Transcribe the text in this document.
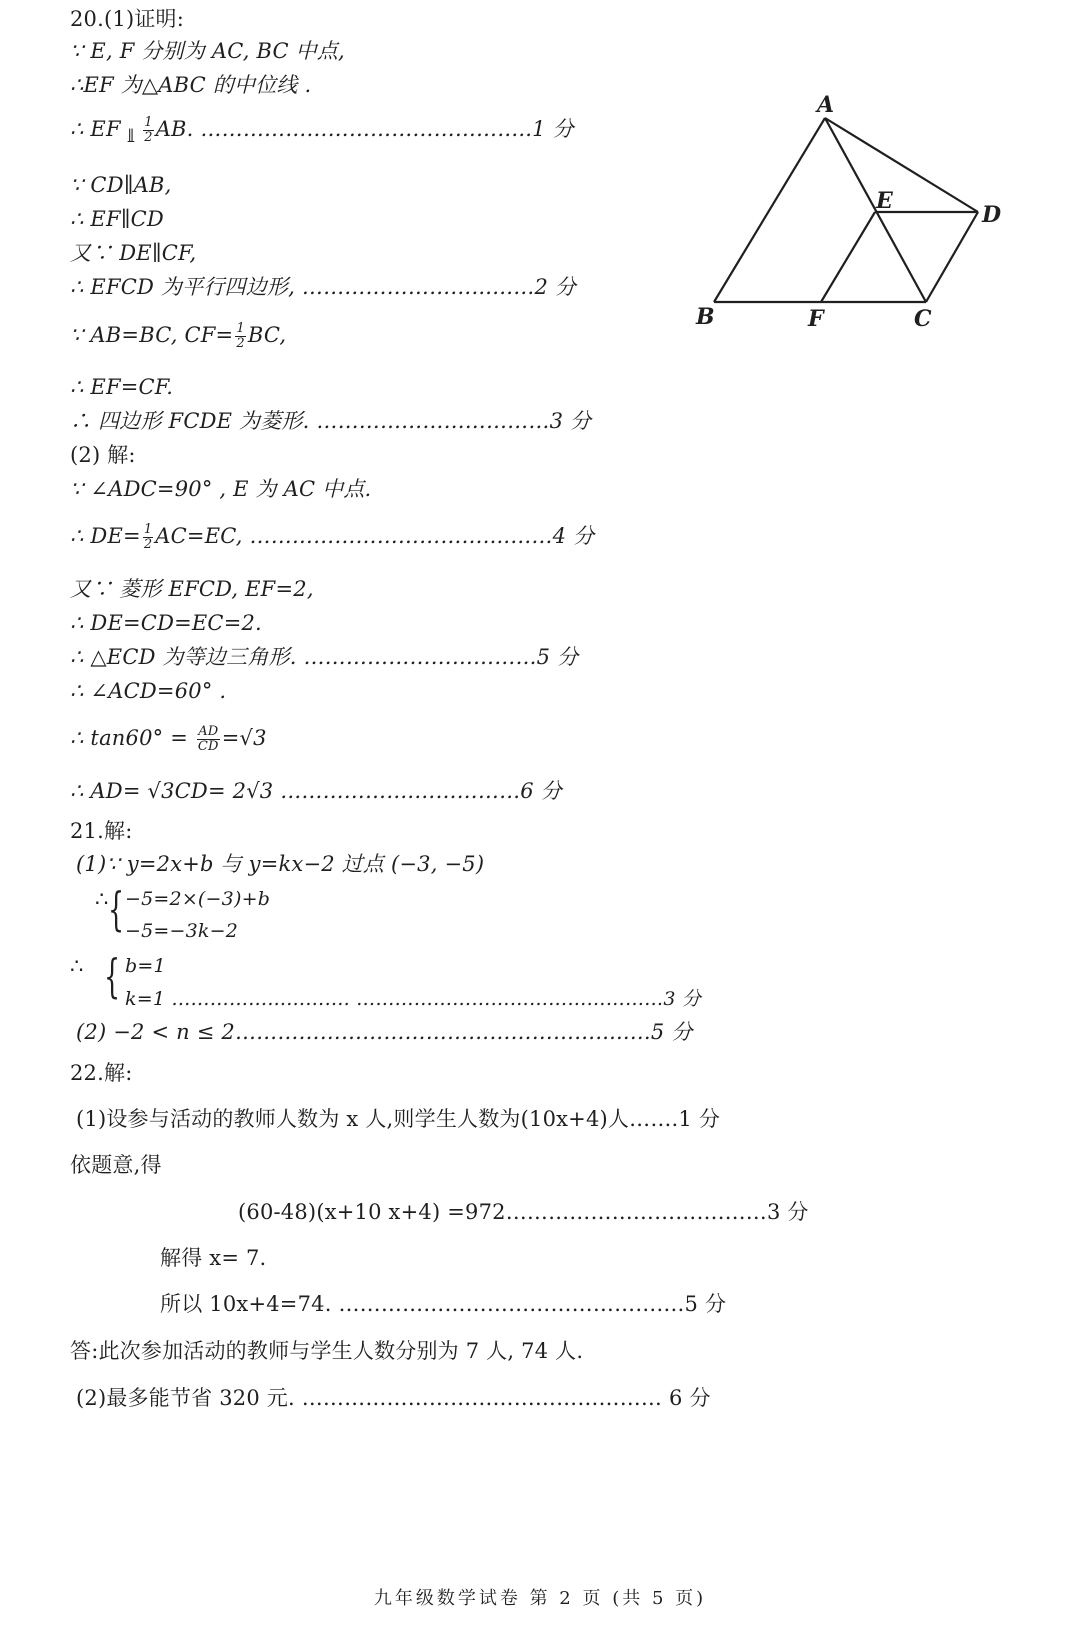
20.(1)证明:
∵ E, F 分别为 AC, BC 中点,
∴EF 为△ABC 的中位线 .
∴ EF ∥ $\frac{1}{2}$ AB. ………………………………………..1 分
∵ CD∥AB,
∴ EF∥CD
又∵ DE∥CF,
∴ EFCD 为平行四边形, ……………………...……2 分
∵ AB=BC, $CF= \frac{1}{2}$ BC,
∴ EF=CF.
∴ 四边形 FCDE 为菱形. ……………………………3 分
(2) 解:
∵ ∠ADC=90° , E 为 AC 中点.
∴ $DE= \frac{1}{2} AC=EC$, ……………………………....……4 分
又∵ 菱形 EFCD, EF=2,
∴ DE=CD=EC=2.
∴ △ECD 为等边三角形. ……………………………5 分
∴ ∠ACD=60° .
∴ $\tan 60^\circ = \frac{AD}{CD} =√3$
∴ AD= √3CD= 2√3 ……………….……………6 分
21.解:
(1)∵ y=2x+b 与 y=kx−2 过点 (−3, −5)
∴ { −5=2×(−3)+b
−5=−3k−2
∴ { b=1
k=1 ……………...………. …………………………………………3 分
(2) −2 < n ≤ 2…………………………………………….....…5 分
22.解:
(1)设参与活动的教师人数为 x 人,则学生人数为(10x+4)人…….1 分
依题意,得
(60-48)(x+10 x+4) =972………………………….……3 分
解得 x= 7.
所以 10x+4=74. ……………………………………….…5 分
答:此次参加活动的教师与学生人数分别为 7 人, 74 人.
(2)最多能节省 320 元. …………………………………………… 6 分
A
B	C
D
E
F
九年级数学试卷 第 2 页 (共 5 页)
